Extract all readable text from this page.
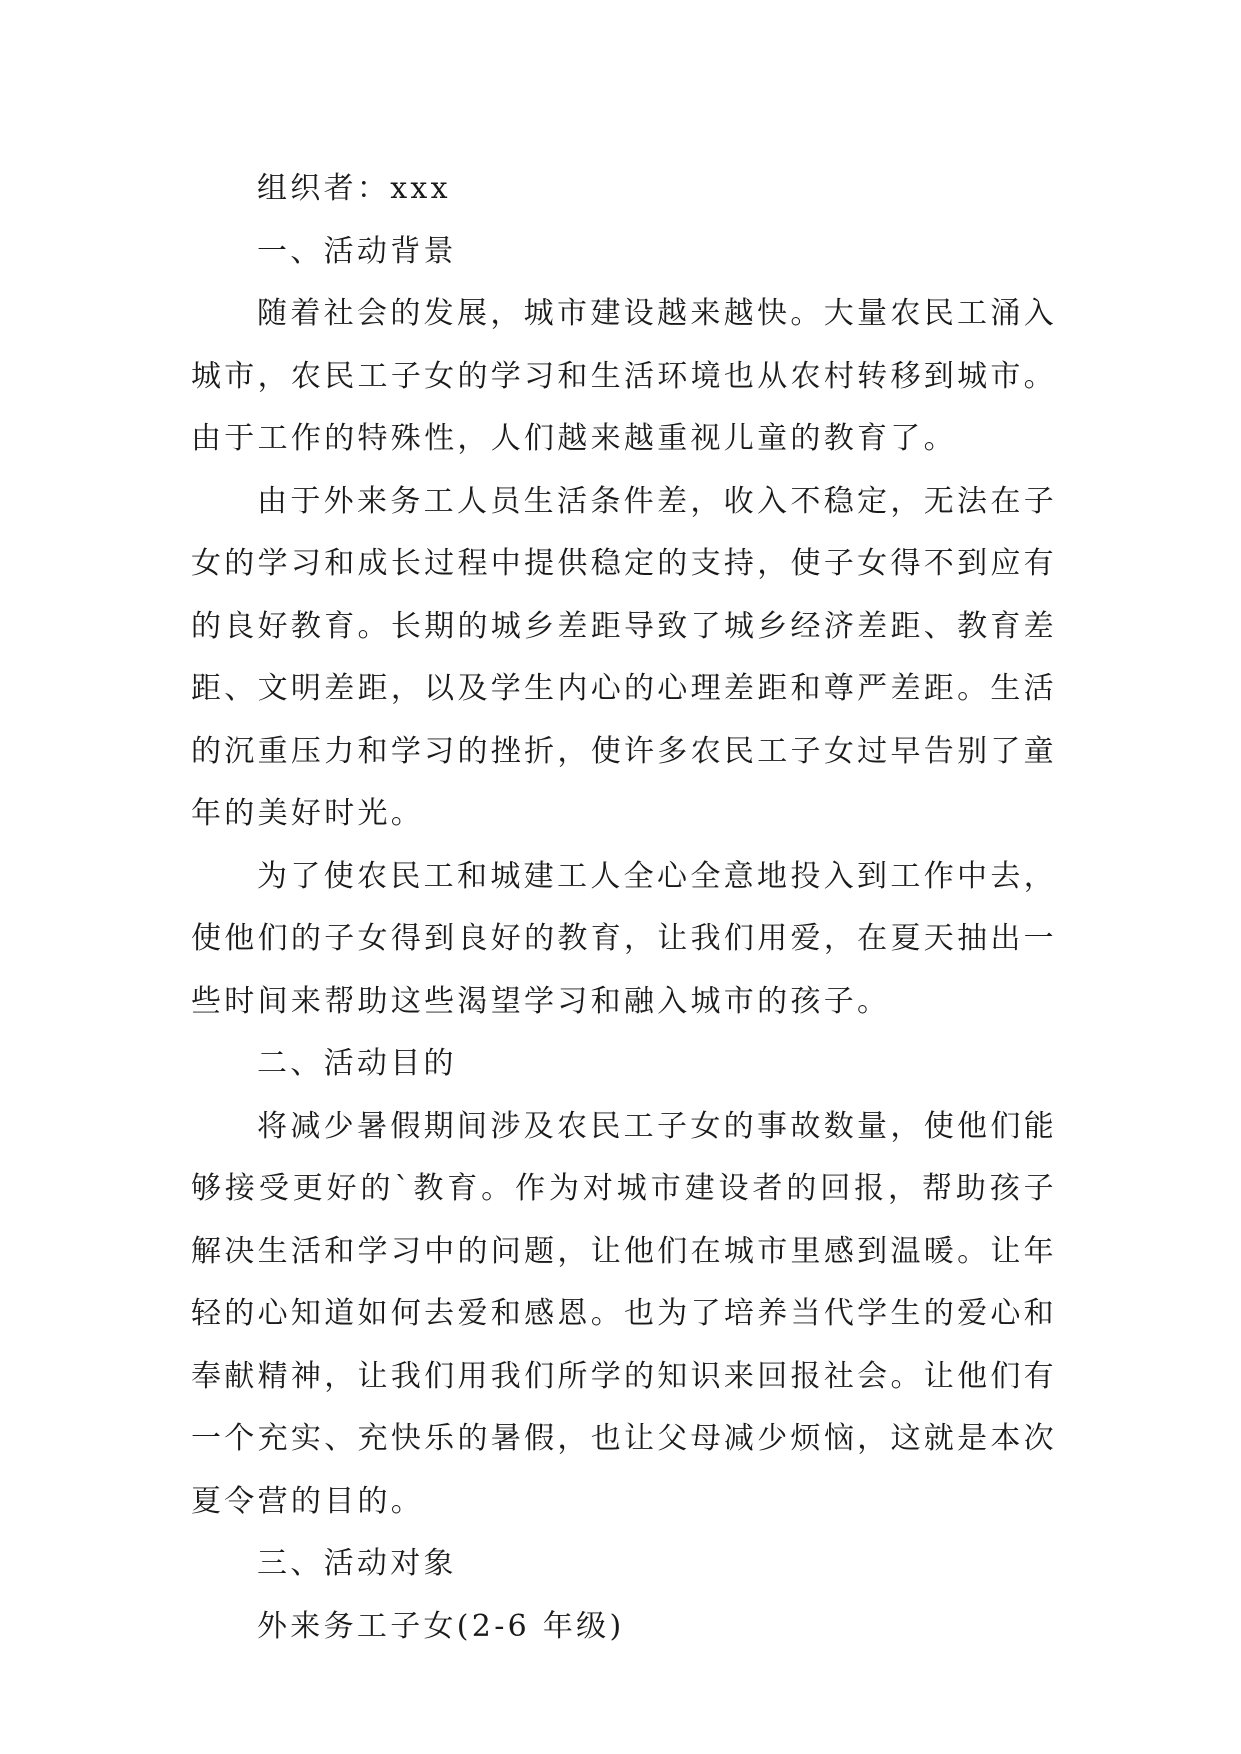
组织者：xxx

一、活动背景

随着社会的发展，城市建设越来越快。大量农民工涌入城市，农民工子女的学习和生活环境也从农村转移到城市。由于工作的特殊性，人们越来越重视儿童的教育了。

由于外来务工人员生活条件差，收入不稳定，无法在子女的学习和成长过程中提供稳定的支持，使子女得不到应有的良好教育。长期的城乡差距导致了城乡经济差距、教育差距、文明差距，以及学生内心的心理差距和尊严差距。生活的沉重压力和学习的挫折，使许多农民工子女过早告别了童年的美好时光。

为了使农民工和城建工人全心全意地投入到工作中去，使他们的子女得到良好的教育，让我们用爱，在夏天抽出一些时间来帮助这些渴望学习和融入城市的孩子。

二、活动目的

将减少暑假期间涉及农民工子女的事故数量，使他们能够接受更好的`教育。作为对城市建设者的回报，帮助孩子解决生活和学习中的问题，让他们在城市里感到温暖。让年轻的心知道如何去爱和感恩。也为了培养当代学生的爱心和奉献精神，让我们用我们所学的知识来回报社会。让他们有一个充实、充快乐的暑假，也让父母减少烦恼，这就是本次夏令营的目的。

三、活动对象

外来务工子女(2-6 年级)
